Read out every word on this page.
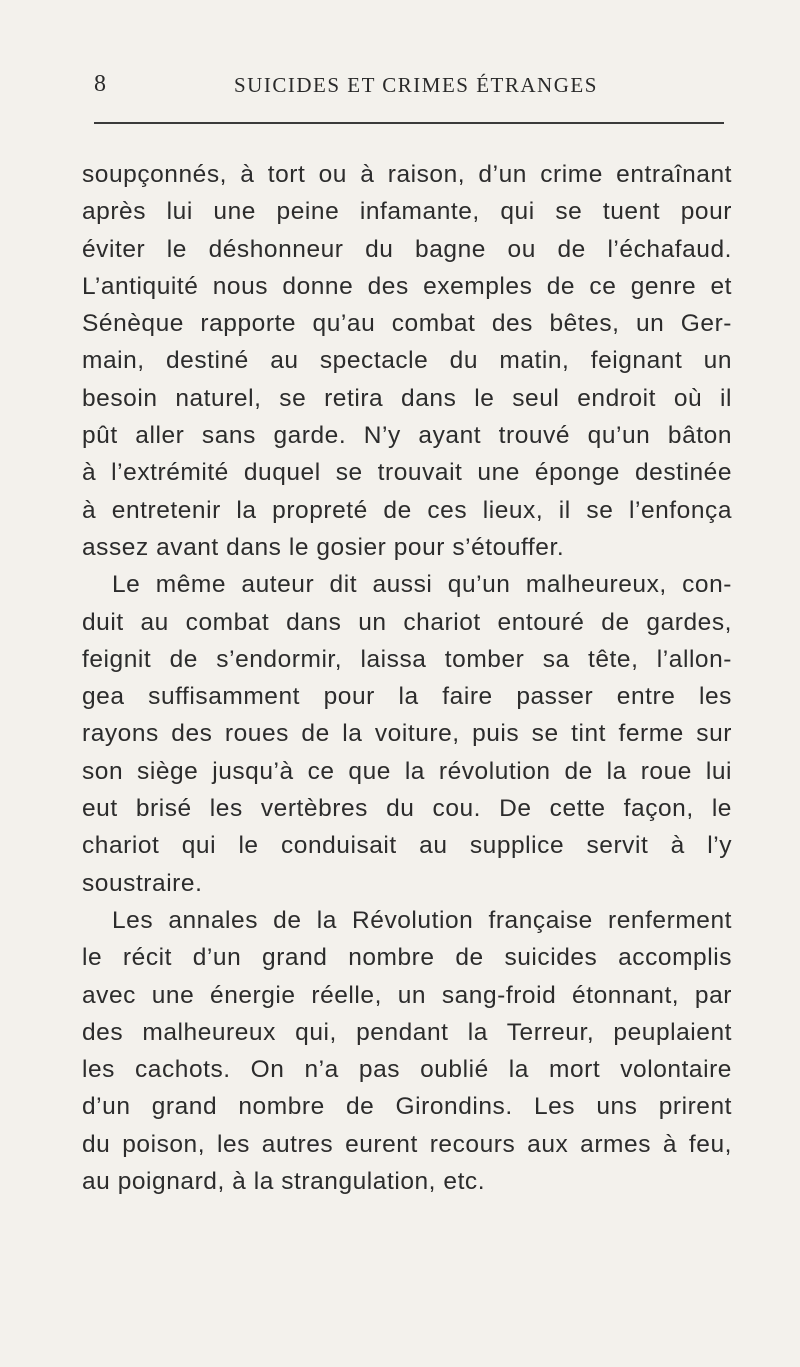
8	SUICIDES ET CRIMES ÉTRANGES
soupçonnés, à tort ou à raison, d’un crime entraînant
après lui une peine infamante, qui se tuent pour
éviter le déshonneur du bagne ou de l’échafaud.
L’antiquité nous donne des exemples de ce genre et
Sénèque rapporte qu’au combat des bêtes, un Ger-
main, destiné au spectacle du matin, feignant un
besoin naturel, se retira dans le seul endroit où il
pût aller sans garde. N’y ayant trouvé qu’un bâton
à l’extrémité duquel se trouvait une éponge destinée
à entretenir la propreté de ces lieux, il se l’enfonça
assez avant dans le gosier pour s’étouffer.
Le même auteur dit aussi qu’un malheureux, con-
duit au combat dans un chariot entouré de gardes,
feignit de s’endormir, laissa tomber sa tête, l’allon-
gea suffisamment pour la faire passer entre les
rayons des roues de la voiture, puis se tint ferme sur
son siège jusqu’à ce que la révolution de la roue lui
eut brisé les vertèbres du cou. De cette façon, le
chariot qui le conduisait au supplice servit à l’y
soustraire.
Les annales de la Révolution française renferment
le récit d’un grand nombre de suicides accomplis
avec une énergie réelle, un sang-froid étonnant, par
des malheureux qui, pendant la Terreur, peuplaient
les cachots. On n’a pas oublié la mort volontaire
d’un grand nombre de Girondins. Les uns prirent
du poison, les autres eurent recours aux armes à feu,
au poignard, à la strangulation, etc.
